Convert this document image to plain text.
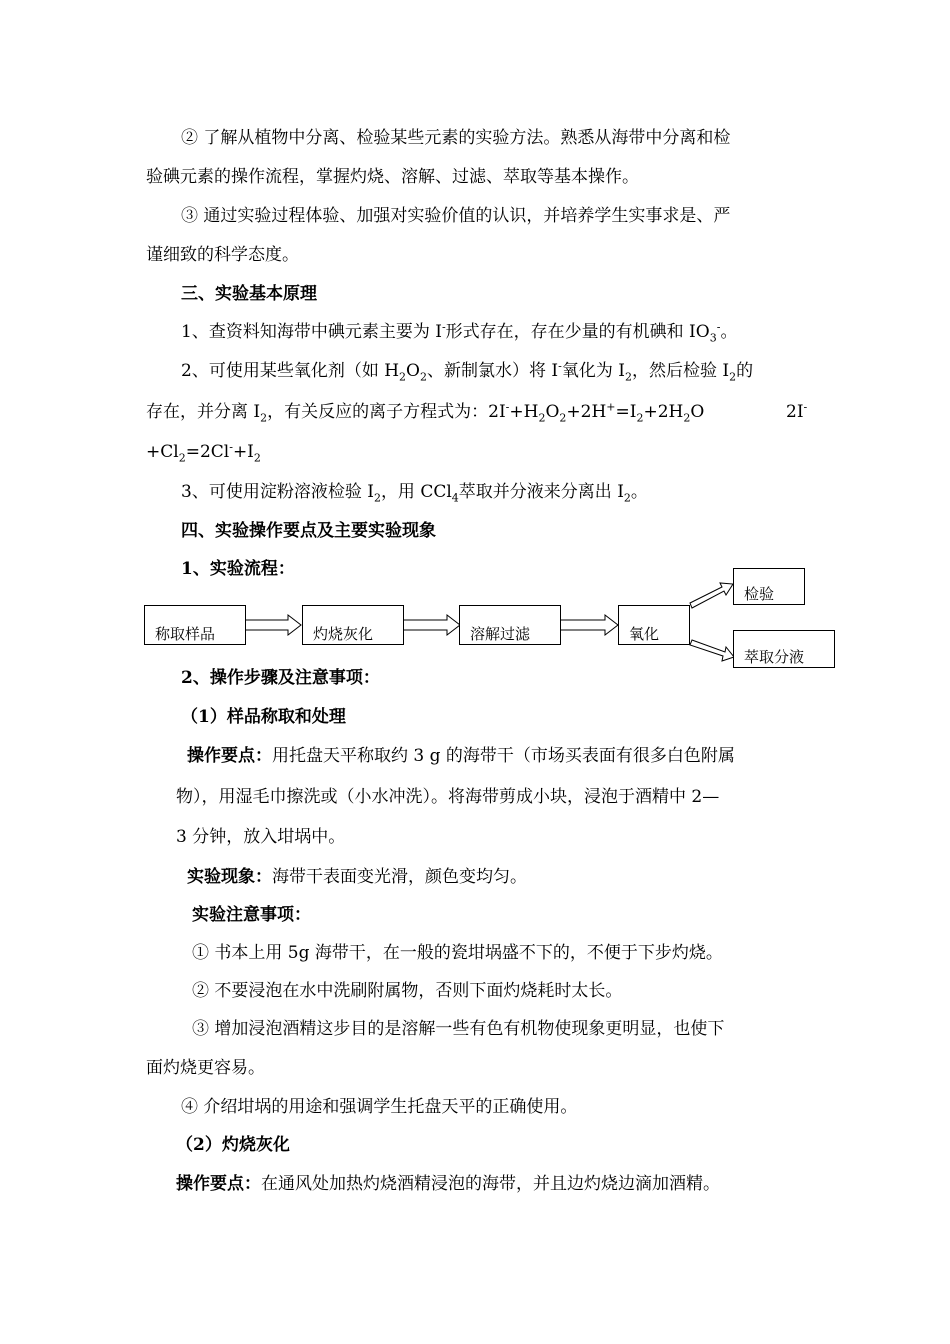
② 了解从植物中分离、检验某些元素的实验方法。熟悉从海带中分离和检
验碘元素的操作流程，掌握灼烧、溶解、过滤、萃取等基本操作。
③ 通过实验过程体验、加强对实验价值的认识，并培养学生实事求是、严
谨细致的科学态度。
三、实验基本原理
1、查资料知海带中碘元素主要为 I-形式存在，存在少量的有机碘和 $IO_3^-$。
2、可使用某些氧化剂（如 $H_2O_2$、新制氯水）将 I-氧化为 $I_2$，然后检验 $I_2$的
存在，并分离 $I_2$，有关反应的离子方程式为：$2I^-+H_2O_2+2H^+=I_2+2H_2O$	2I-
$+Cl_2=2Cl^-+I_2$
3、可使用淀粉溶液检验 $I_2$，用 CCl$_4$萃取并分液来分离出 $I_2$。
四、实验操作要点及主要实验现象
1、实验流程：
称取样品	灼烧灰化	溶解过滤	氧化
检验
萃取分液
2、操作步骤及注意事项：
（1）样品称取和处理
操作要点：用托盘天平称取约 3 g 的海带干（市场买表面有很多白色附属
物），用湿毛巾擦洗或（小水冲洗）。将海带剪成小块，浸泡于酒精中 2—
3 分钟，放入坩埚中。
实验现象：海带干表面变光滑，颜色变均匀。
实验注意事项：
① 书本上用 5g 海带干，在一般的瓷坩埚盛不下的，不便于下步灼烧。
② 不要浸泡在水中洗刷附属物，否则下面灼烧耗时太长。
③ 增加浸泡酒精这步目的是溶解一些有色有机物使现象更明显，也使下
面灼烧更容易。
④ 介绍坩埚的用途和强调学生托盘天平的正确使用。
（2）灼烧灰化
操作要点：在通风处加热灼烧酒精浸泡的海带，并且边灼烧边滴加酒精。
